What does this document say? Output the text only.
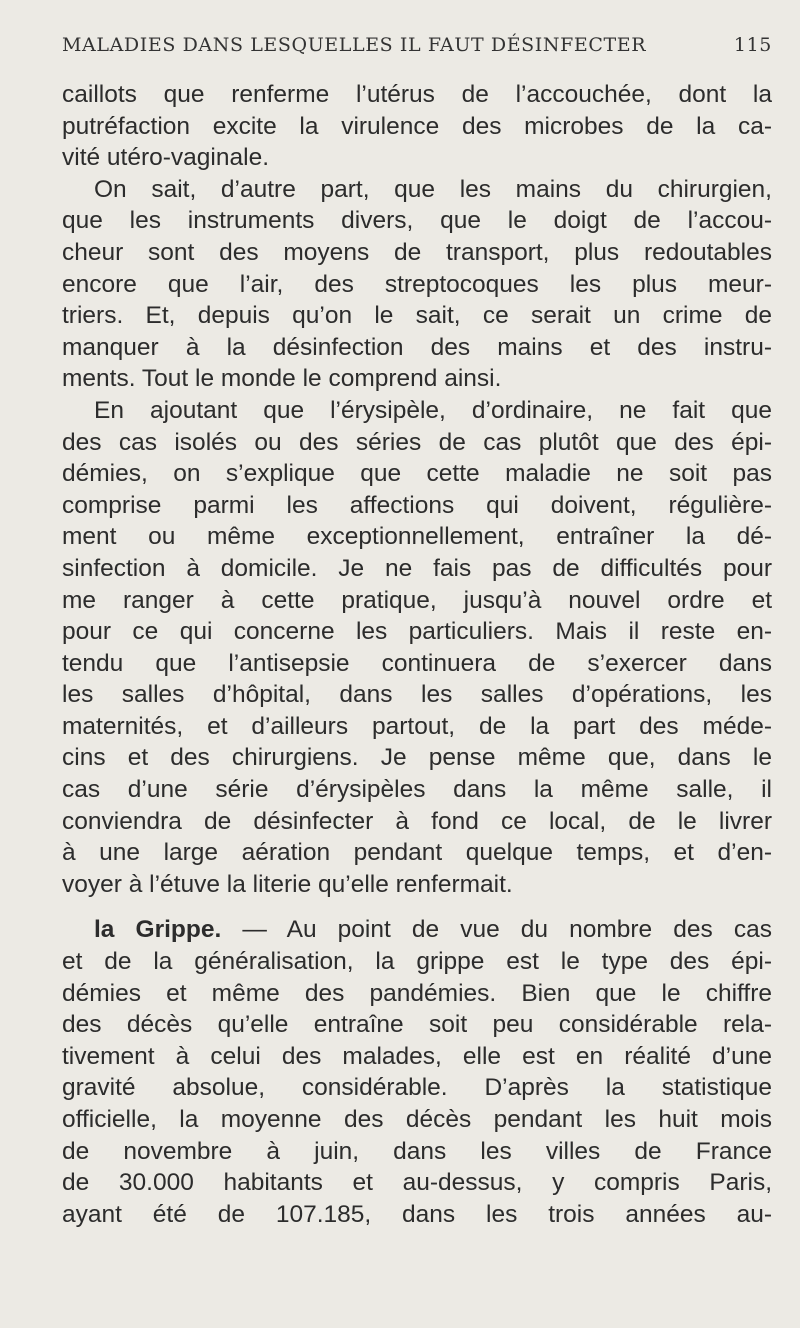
MALADIES DANS LESQUELLES IL FAUT DÉSINFECTER	115
caillots que renferme l’utérus de l’accouchée, dont la
putréfaction excite la virulence des microbes de la ca-
vité utéro-vaginale.
On sait, d’autre part, que les mains du chirurgien,
que les instruments divers, que le doigt de l’accou-
cheur sont des moyens de transport, plus redoutables
encore que l’air, des streptocoques les plus meur-
triers. Et, depuis qu’on le sait, ce serait un crime de
manquer à la désinfection des mains et des instru-
ments. Tout le monde le comprend ainsi.
En ajoutant que l’érysipèle, d’ordinaire, ne fait que
des cas isolés ou des séries de cas plutôt que des épi-
démies, on s’explique que cette maladie ne soit pas
comprise parmi les affections qui doivent, régulière-
ment ou même exceptionnellement, entraîner la dé-
sinfection à domicile. Je ne fais pas de difficultés pour
me ranger à cette pratique, jusqu’à nouvel ordre et
pour ce qui concerne les particuliers. Mais il reste en-
tendu que l’antisepsie continuera de s’exercer dans
les salles d’hôpital, dans les salles d’opérations, les
maternités, et d’ailleurs partout, de la part des méde-
cins et des chirurgiens. Je pense même que, dans le
cas d’une série d’érysipèles dans la même salle, il
conviendra de désinfecter à fond ce local, de le livrer
à une large aération pendant quelque temps, et d’en-
voyer à l’étuve la literie qu’elle renfermait.
la Grippe. — Au point de vue du nombre des cas
et de la généralisation, la grippe est le type des épi-
démies et même des pandémies. Bien que le chiffre
des décès qu’elle entraîne soit peu considérable rela-
tivement à celui des malades, elle est en réalité d’une
gravité absolue, considérable. D’après la statistique
officielle, la moyenne des décès pendant les huit mois
de novembre à juin, dans les villes de France
de 30.000 habitants et au-dessus, y compris Paris,
ayant été de 107.185, dans les trois années au-
